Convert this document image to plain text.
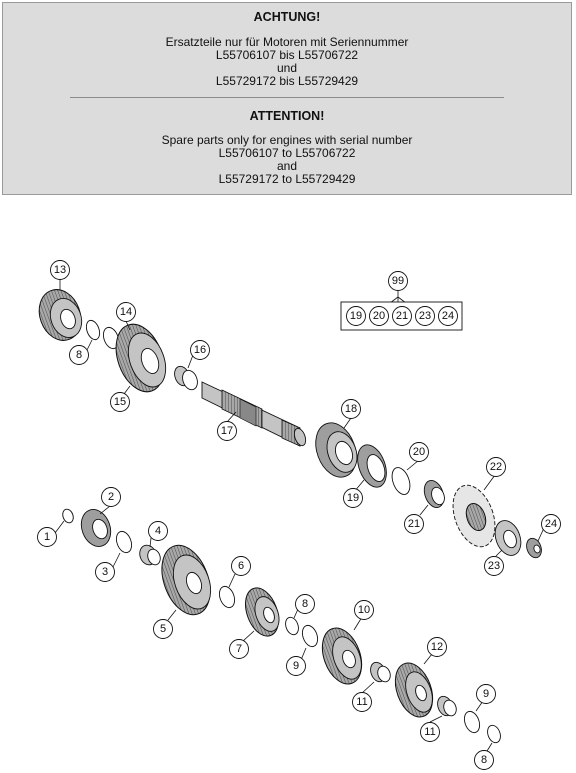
ACHTUNG!
Ersatzteile nur für Motoren mit Seriennummer
L55706107 bis L55706722
und
L55729172 bis L55729429
ATTENTION!
Spare parts only for engines with serial number
L55706107 to L55706722
and
L55729172 to L55729429
13
14
8
15
16
17
18
19
20
21
22
23
24
1
2
3
4
5
6
7
8
9
10
11
12
11
9
8
99
19 20 21 23 24
